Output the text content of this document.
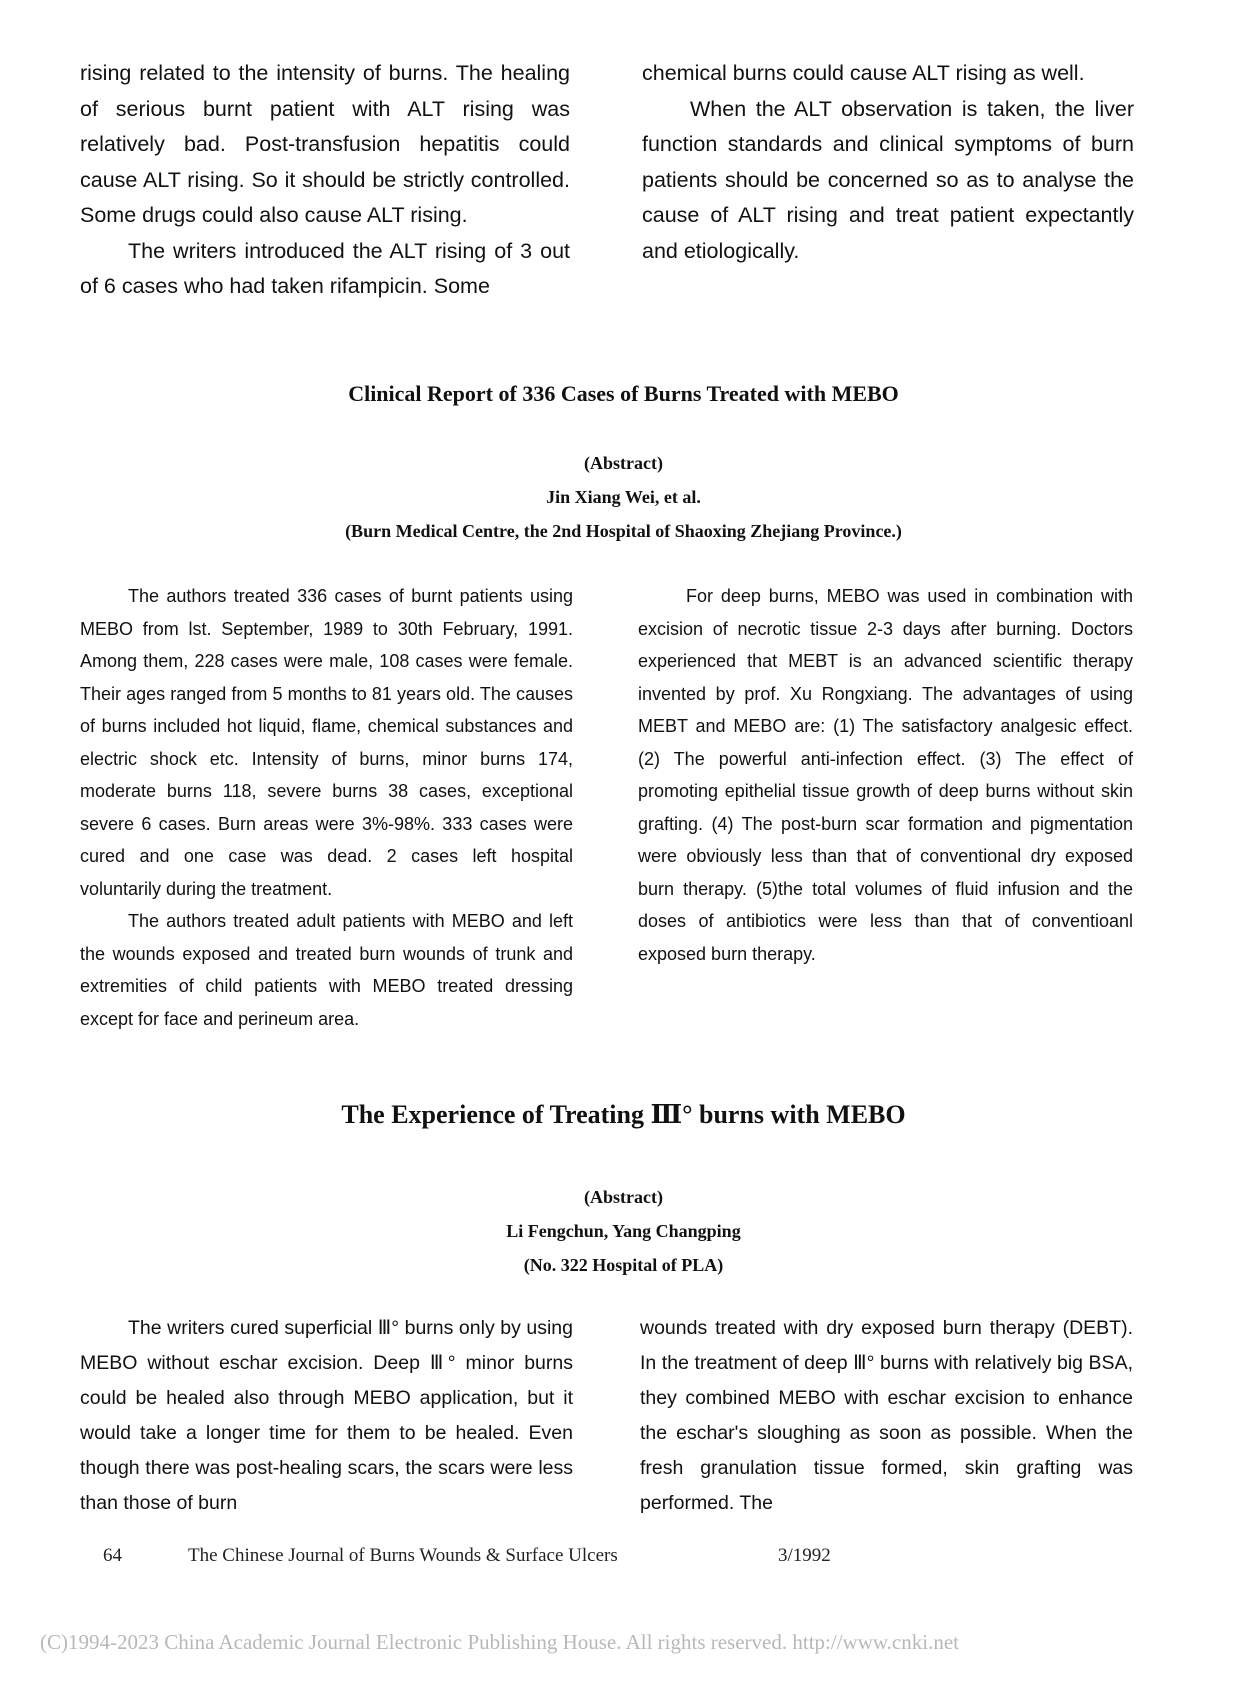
rising related to the intensity of burns. The healing of serious burnt patient with ALT rising was relatively bad. Post-transfusion hepatitis could cause ALT rising. So it should be strictly controlled. Some drugs could also cause ALT rising.

The writers introduced the ALT rising of 3 out of 6 cases who had taken rifampicin. Some

chemical burns could cause ALT rising as well.

When the ALT observation is taken, the liver function standards and clinical symptoms of burn patients should be concerned so as to analyse the cause of ALT rising and treat patient expectantly and etiologically.

Clinical Report of 336 Cases of Burns Treated with MEBO
(Abstract)
Jin Xiang Wei, et al.
(Burn Medical Centre, the 2nd Hospital of Shaoxing Zhejiang Province.)

The authors treated 336 cases of burnt patients using MEBO from lst. September, 1989 to 30th February, 1991. Among them, 228 cases were male, 108 cases were female. Their ages ranged from 5 months to 81 years old. The causes of burns included hot liquid, flame, chemical substances and electric shock etc. Intensity of burns, minor burns 174, moderate burns 118, severe burns 38 cases, exceptional severe 6 cases. Burn areas were 3%-98%. 333 cases were cured and one case was dead. 2 cases left hospital voluntarily during the treatment.

The authors treated adult patients with MEBO and left the wounds exposed and treated burn wounds of trunk and extremities of child patients with MEBO treated dressing except for face and perineum area.

For deep burns, MEBO was used in combination with excision of necrotic tissue 2-3 days after burning. Doctors experienced that MEBT is an advanced scientific therapy invented by prof. Xu Rongxiang. The advantages of using MEBT and MEBO are: (1) The satisfactory analgesic effect. (2) The powerful anti-infection effect. (3) The effect of promoting epithelial tissue growth of deep burns without skin grafting. (4) The post-burn scar formation and pigmentation were obviously less than that of conventional dry exposed burn therapy. (5)the total volumes of fluid infusion and the doses of antibiotics were less than that of conventioanl exposed burn therapy.

The Experience of Treating Ⅲ° burns with MEBO
(Abstract)
Li Fengchun, Yang Changping
(No. 322 Hospital of PLA)

The writers cured superficial Ⅲ° burns only by using MEBO without eschar excision. Deep Ⅲ° minor burns could be healed also through MEBO application, but it would take a longer time for them to be healed. Even though there was post-healing scars, the scars were less than those of burn

wounds treated with dry exposed burn therapy (DEBT). In the treatment of deep Ⅲ° burns with relatively big BSA, they combined MEBO with eschar excision to enhance the eschar's sloughing as soon as possible. When the fresh granulation tissue formed, skin grafting was performed. The

64	The Chinese Journal of Burns Wounds & Surface Ulcers	3/1992
(C)1994-2023 China Academic Journal Electronic Publishing House. All rights reserved. http://www.cnki.net
